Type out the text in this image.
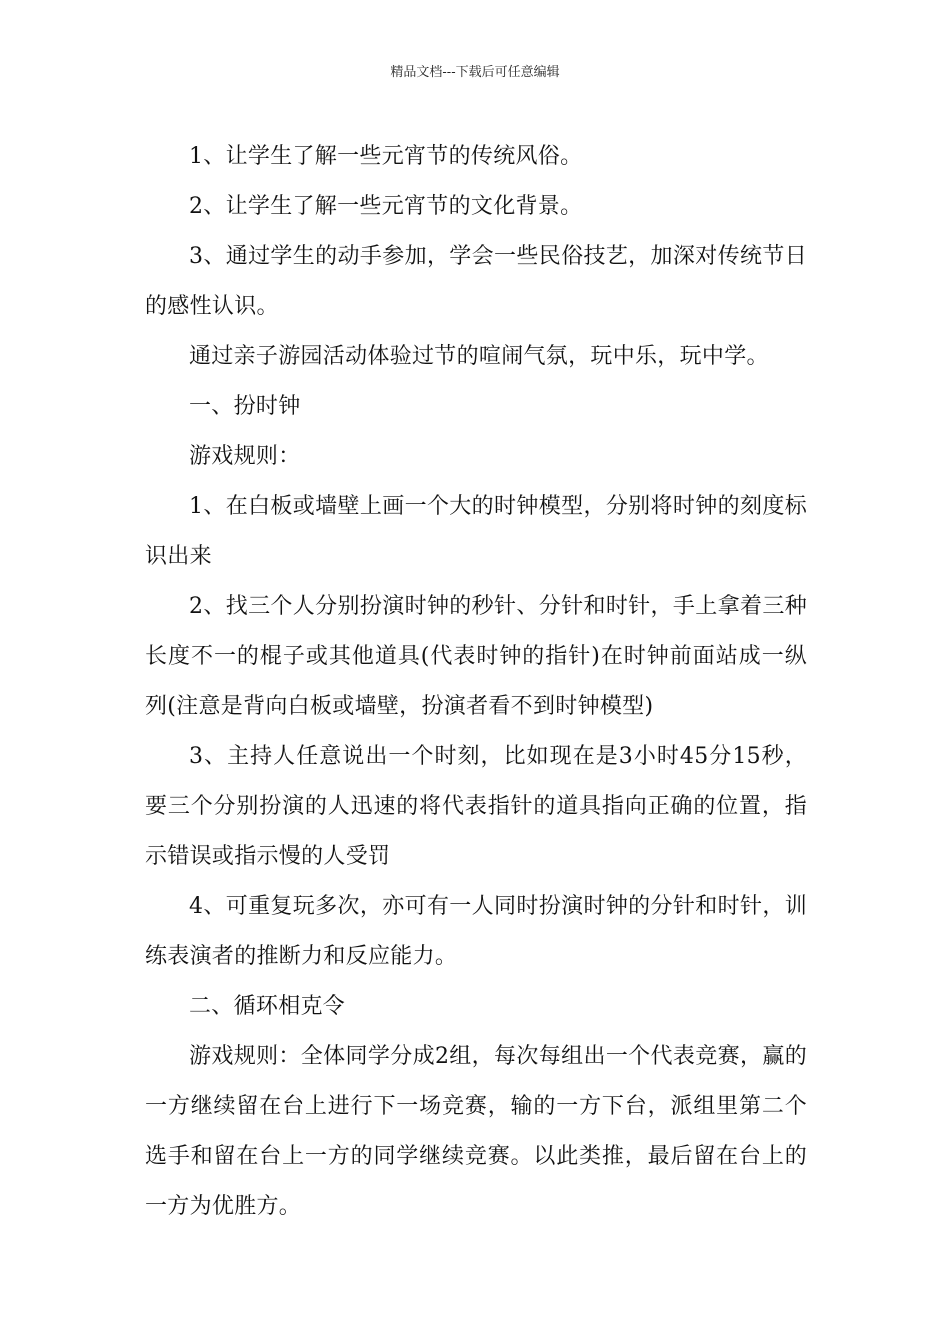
精品文档---下载后可任意编辑

1、让学生了解一些元宵节的传统风俗。

2、让学生了解一些元宵节的文化背景。

3、通过学生的动手参加，学会一些民俗技艺，加深对传统节日的感性认识。

通过亲子游园活动体验过节的喧闹气氛，玩中乐，玩中学。

一、扮时钟

游戏规则：

1、在白板或墙壁上画一个大的时钟模型，分别将时钟的刻度标识出来

2、找三个人分别扮演时钟的秒针、分针和时针，手上拿着三种长度不一的棍子或其他道具(代表时钟的指针)在时钟前面站成一纵列(注意是背向白板或墙壁，扮演者看不到时钟模型)

3、主持人任意说出一个时刻，比如现在是3小时45分15秒，要三个分别扮演的人迅速的将代表指针的道具指向正确的位置，指示错误或指示慢的人受罚

4、可重复玩多次，亦可有一人同时扮演时钟的分针和时针，训练表演者的推断力和反应能力。

二、循环相克令

游戏规则：全体同学分成2组，每次每组出一个代表竞赛，赢的一方继续留在台上进行下一场竞赛，输的一方下台，派组里第二个选手和留在台上一方的同学继续竞赛。以此类推，最后留在台上的一方为优胜方。
